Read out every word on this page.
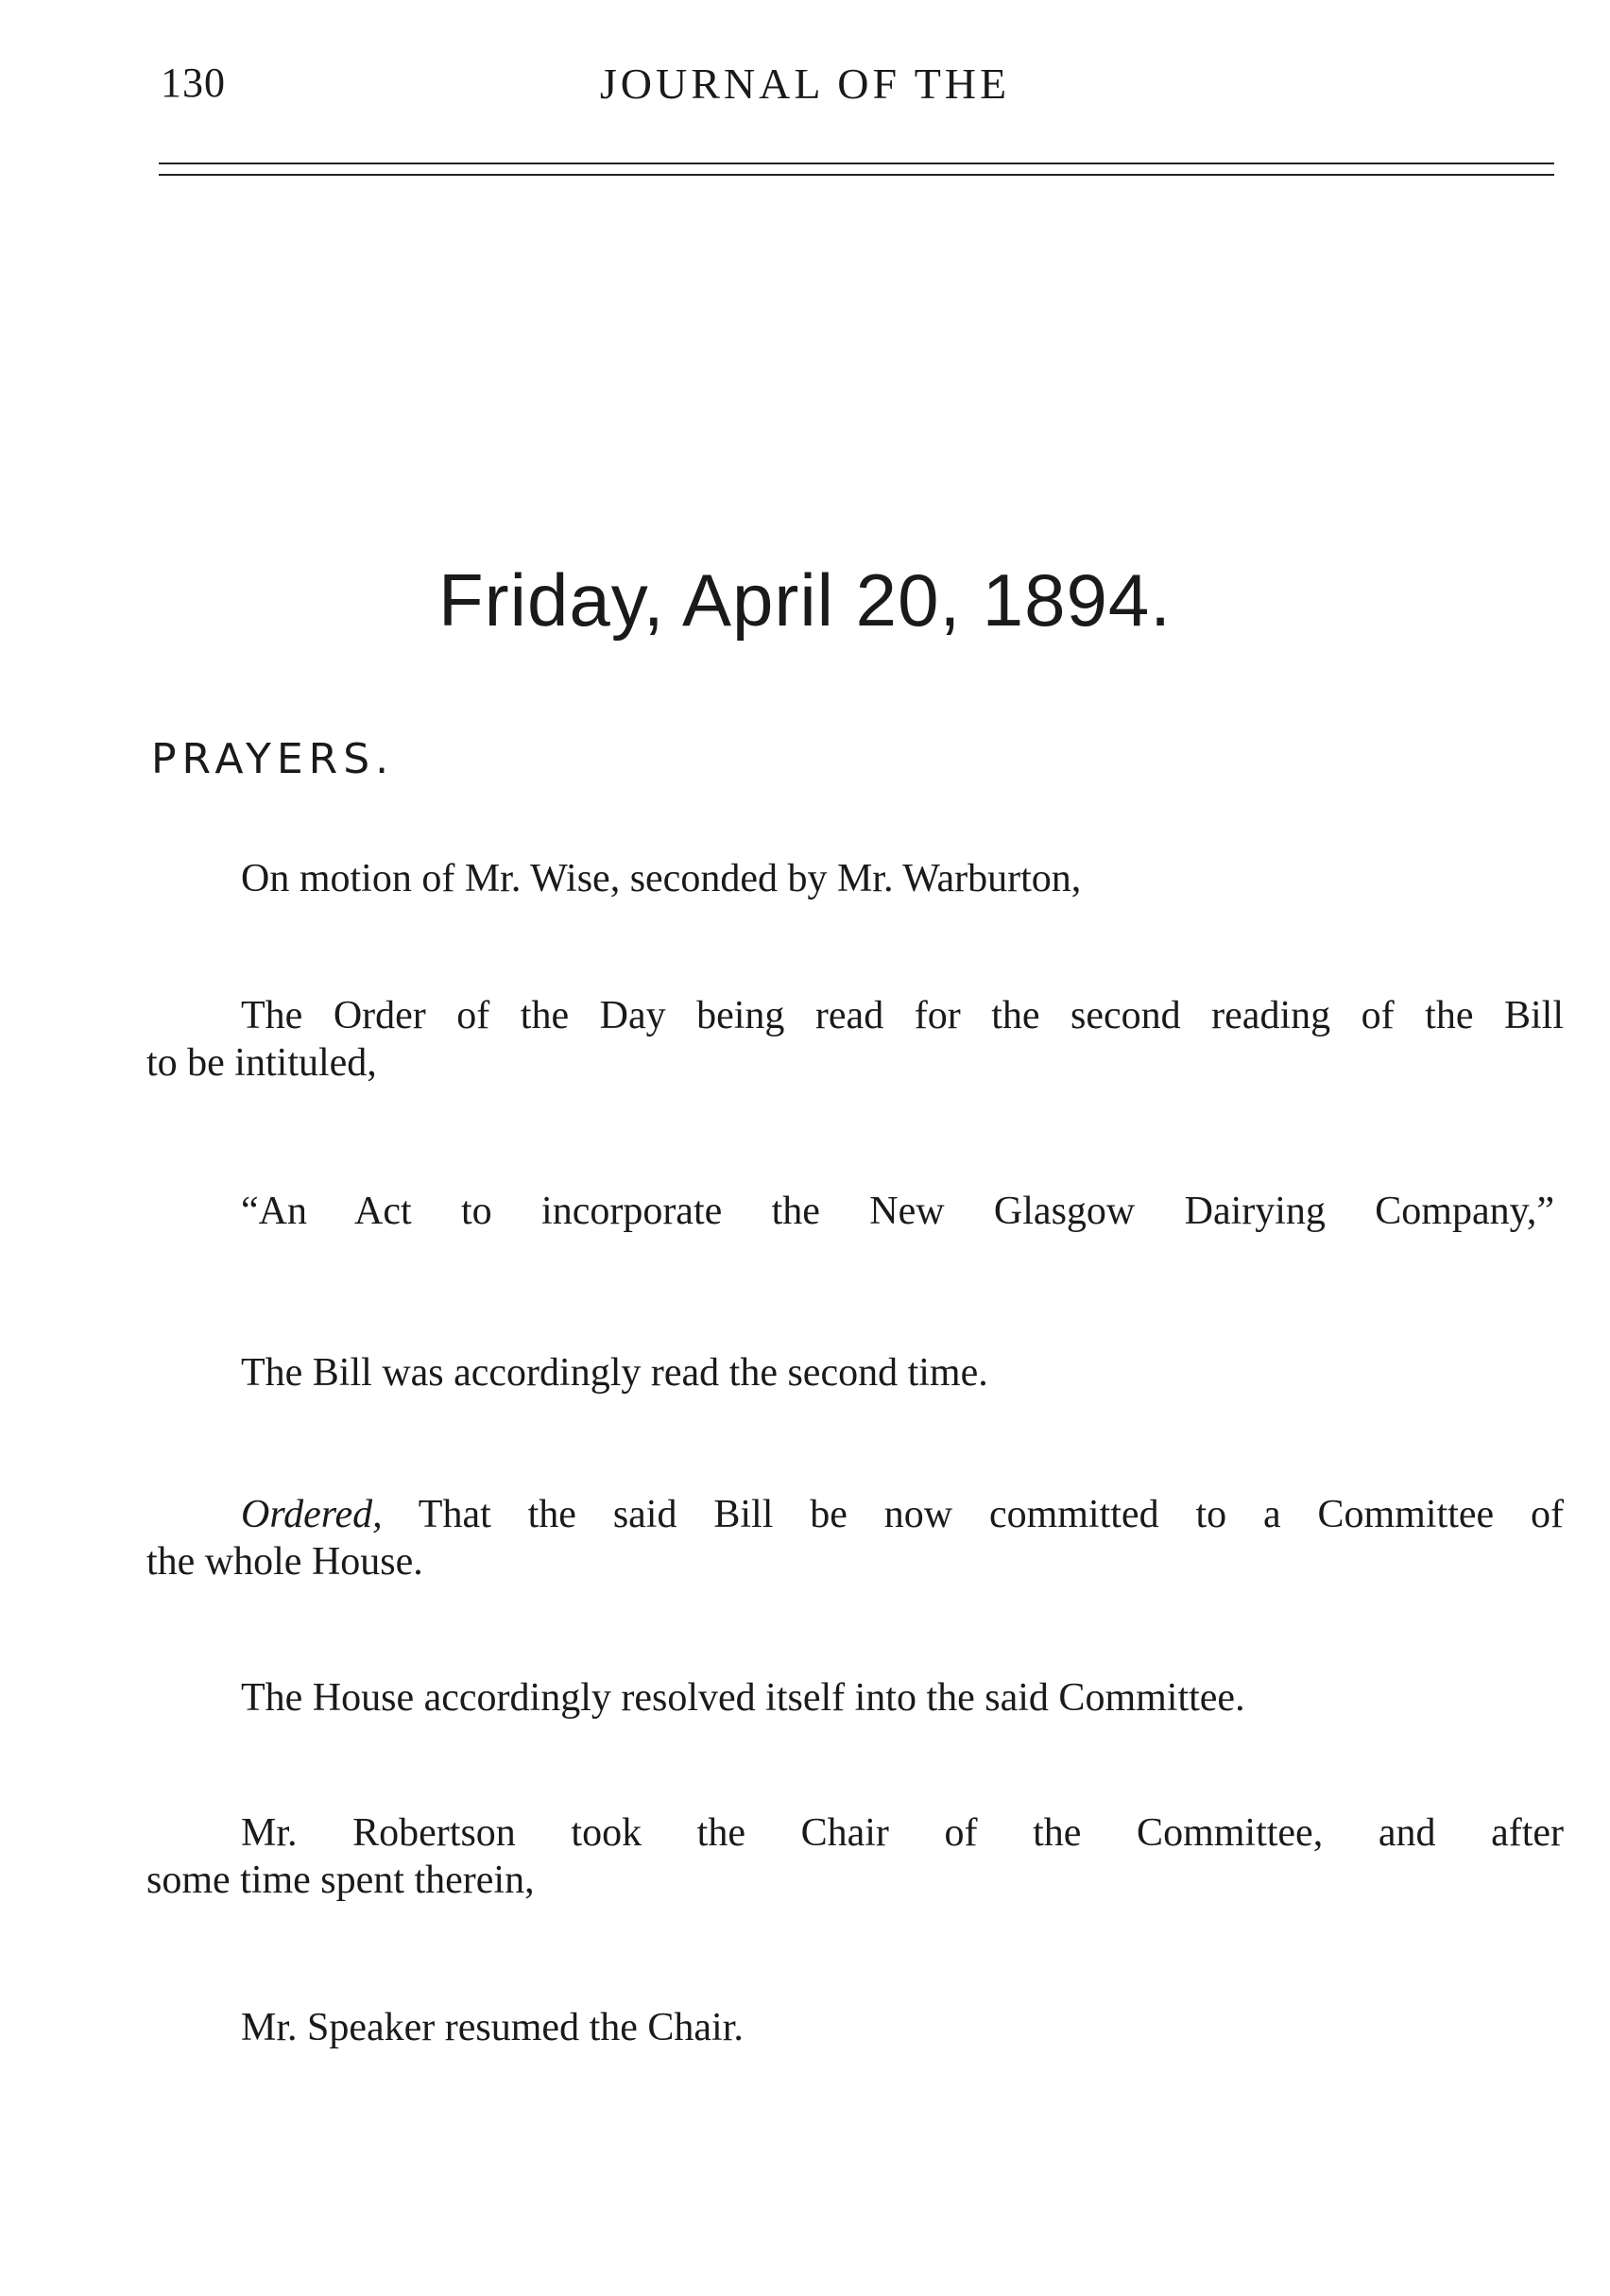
130	JOURNAL OF THE
Friday, April 20, 1894.
PRAYERS.
On motion of Mr. Wise, seconded by Mr. Warburton,
The Order of the Day being read for the second reading of the Bill
to be intituled,
“An Act to incorporate the New Glasgow Dairying Company,”
The Bill was accordingly read the second time.
Ordered, That the said Bill be now committed to a Committee of
the whole House.
The House accordingly resolved itself into the said Committee.
Mr. Robertson took the Chair of the Committee, and after
some time spent therein,
Mr. Speaker resumed the Chair.
